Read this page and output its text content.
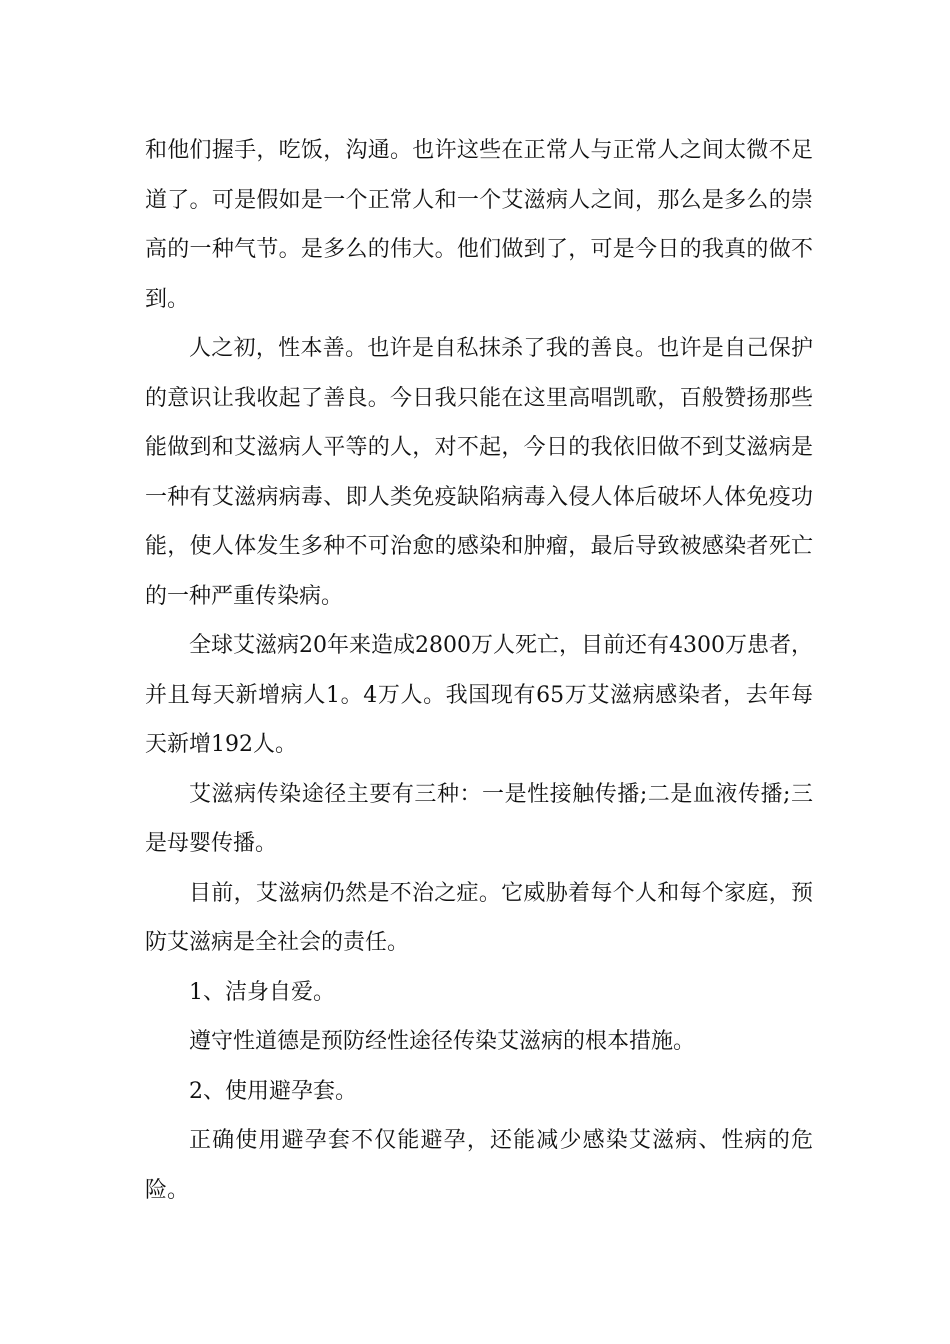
和他们握手，吃饭，沟通。也许这些在正常人与正常人之间太微不足道了。可是假如是一个正常人和一个艾滋病人之间，那么是多么的崇高的一种气节。是多么的伟大。他们做到了，可是今日的我真的做不到。

人之初，性本善。也许是自私抹杀了我的善良。也许是自己保护的意识让我收起了善良。今日我只能在这里高唱凯歌，百般赞扬那些能做到和艾滋病人平等的人，对不起，今日的我依旧做不到艾滋病是一种有艾滋病病毒、即人类免疫缺陷病毒入侵人体后破坏人体免疫功能，使人体发生多种不可治愈的感染和肿瘤，最后导致被感染者死亡的一种严重传染病。

全球艾滋病20年来造成2800万人死亡，目前还有4300万患者，并且每天新增病人1。4万人。我国现有65万艾滋病感染者，去年每天新增192人。

艾滋病传染途径主要有三种：一是性接触传播;二是血液传播;三是母婴传播。

目前，艾滋病仍然是不治之症。它威胁着每个人和每个家庭，预防艾滋病是全社会的责任。

1、洁身自爱。

遵守性道德是预防经性途径传染艾滋病的根本措施。

2、使用避孕套。

正确使用避孕套不仅能避孕，还能减少感染艾滋病、性病的危险。
